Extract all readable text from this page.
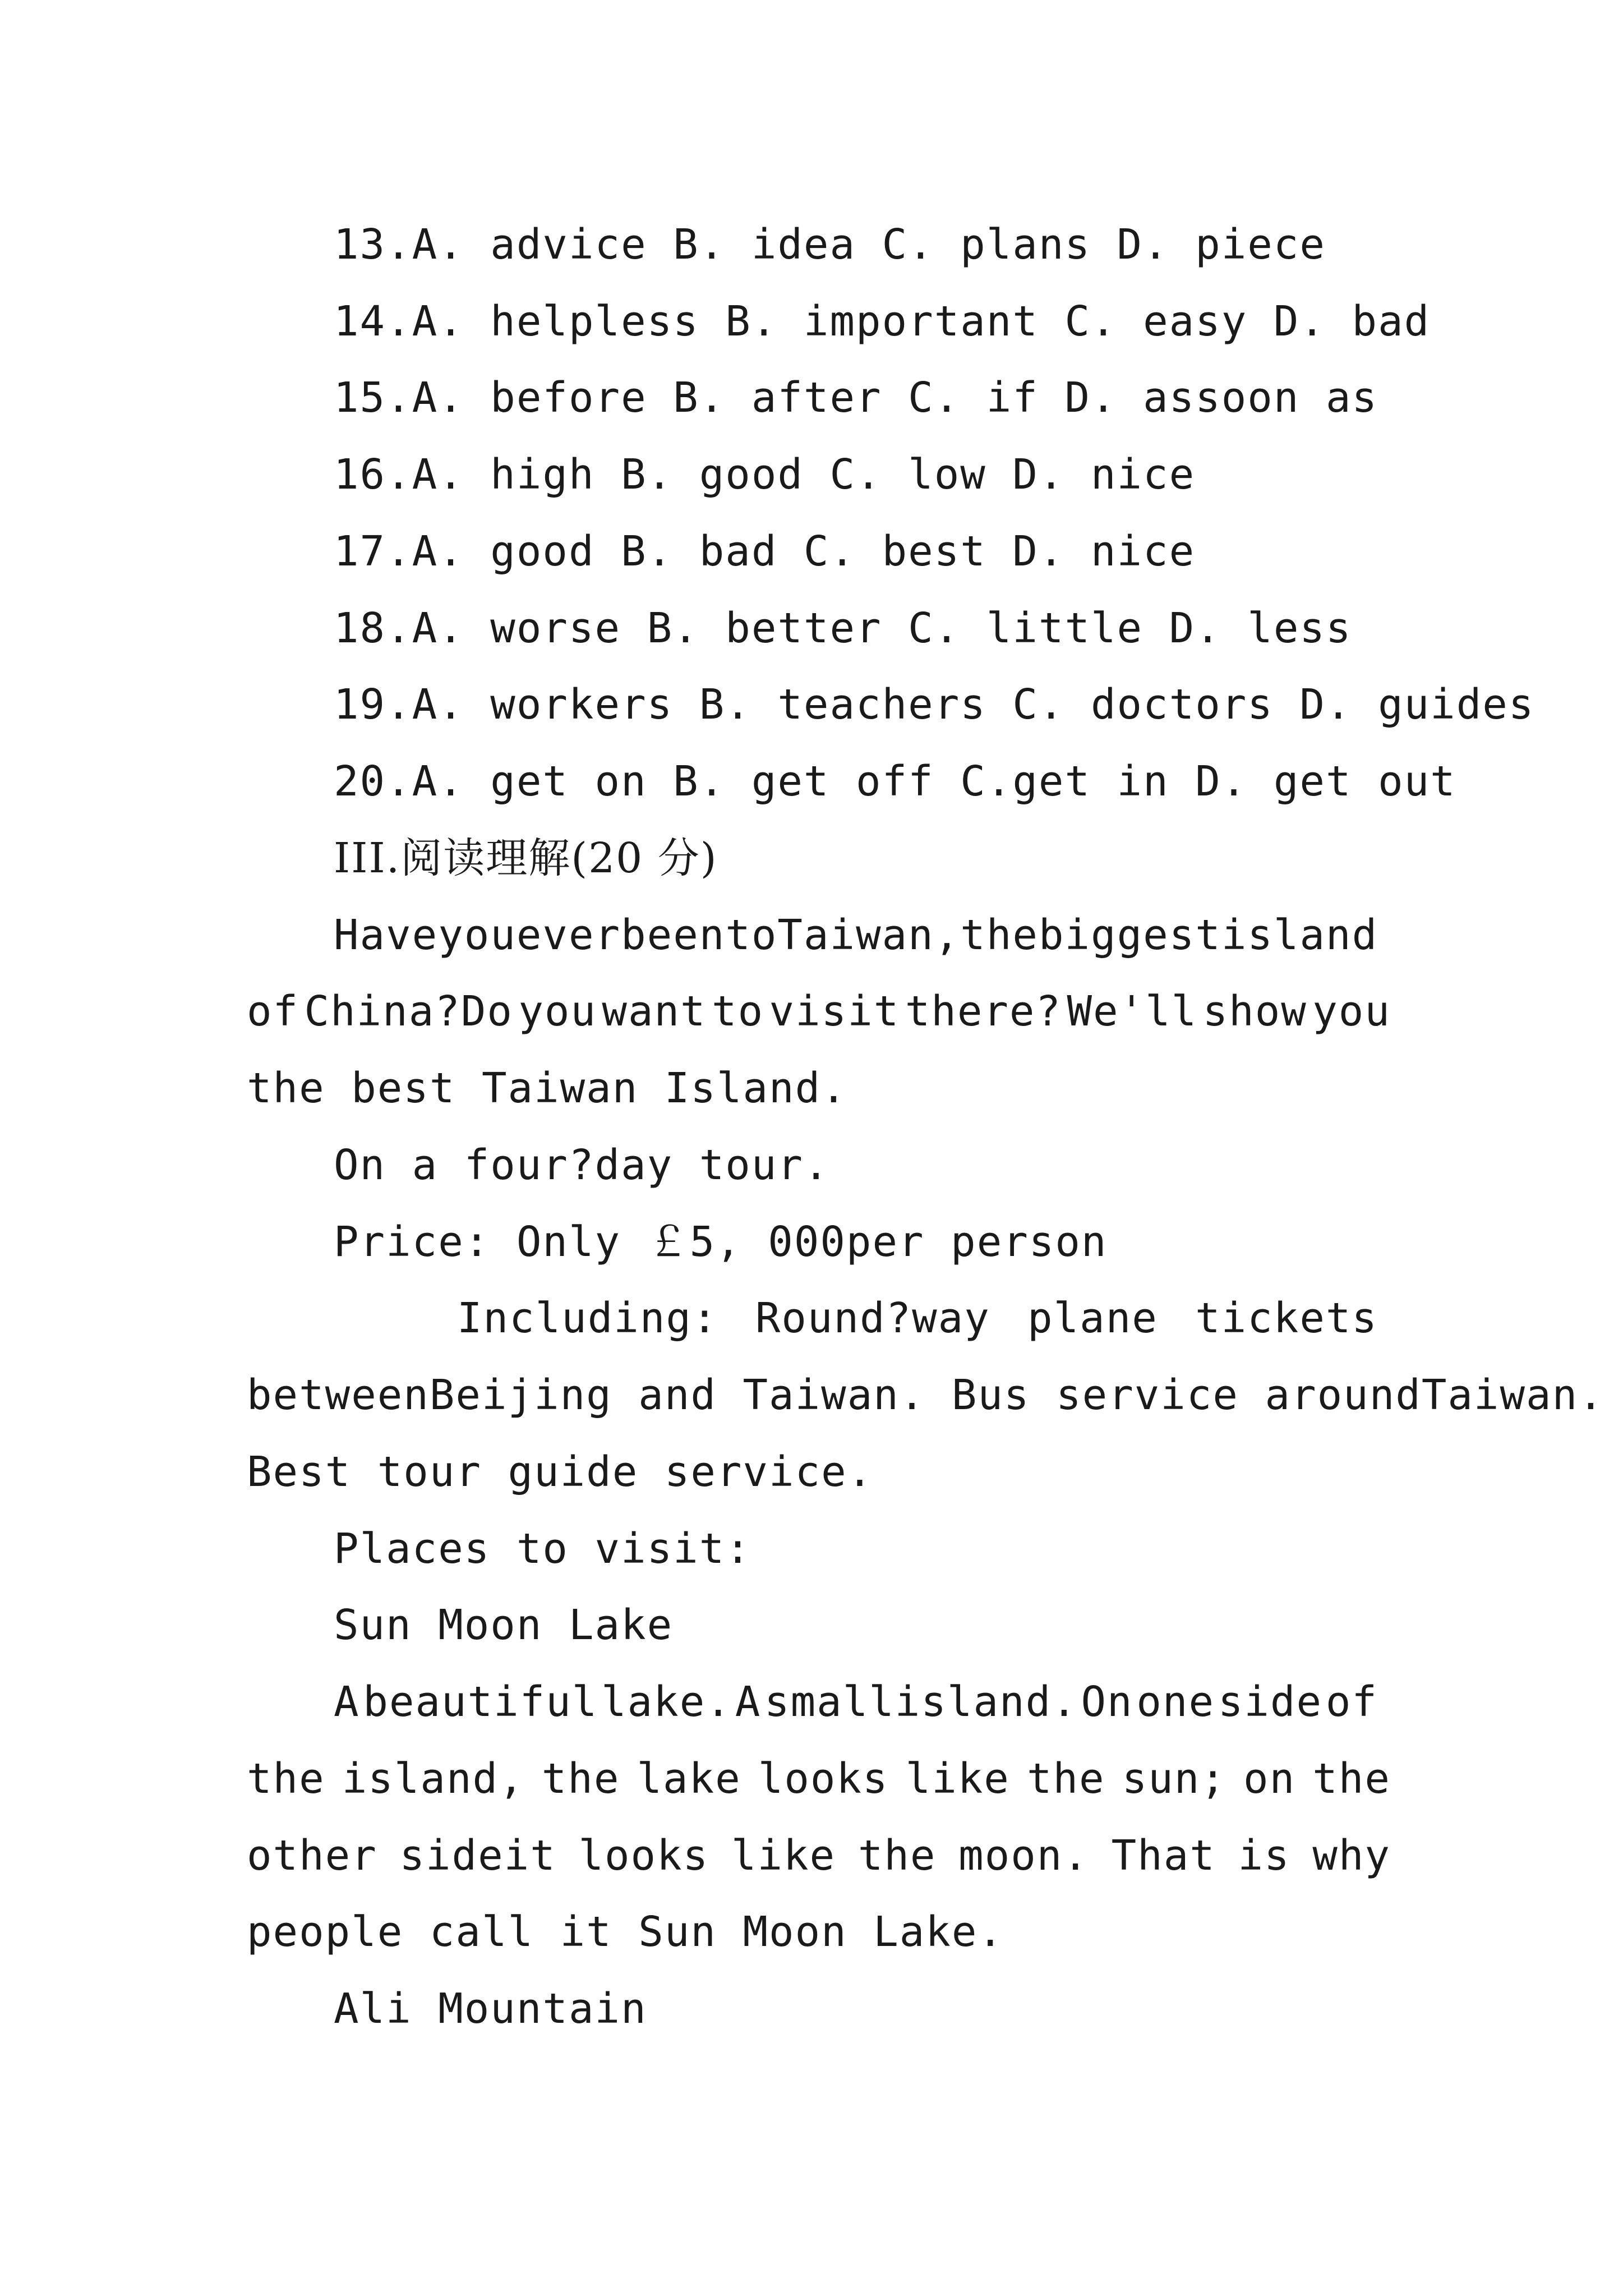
13.A. advice B. idea C. plans D. piece
14.A. helpless B. important C. easy D. bad
15.A. before B. after C. if D. assoon as
16.A. high B. good C. low D. nice
17.A. good B. bad C. best D. nice
18.A. worse B. better C. little D. less
19.A. workers B. teachers C. doctors D. guides
20.A. get on B. get off C.get in D. get out
III.阅读理解(20 分)
Have you ever been toTaiwan, the biggest island
of China?Do you want to visit there? We'll show you
the best Taiwan Island.
On a four?day tour.
Price: Only ￡5, 000per person
Including: Round?way plane tickets
betweenBeijing and Taiwan. Bus service aroundTaiwan.
Best tour guide service.
Places to visit:
Sun Moon Lake
A beautiful lake. A smallisland. On one side of
the island, the lake looks like the sun; on the
other sideit looks like the moon. That is why
people call it Sun Moon Lake.
Ali Mountain
